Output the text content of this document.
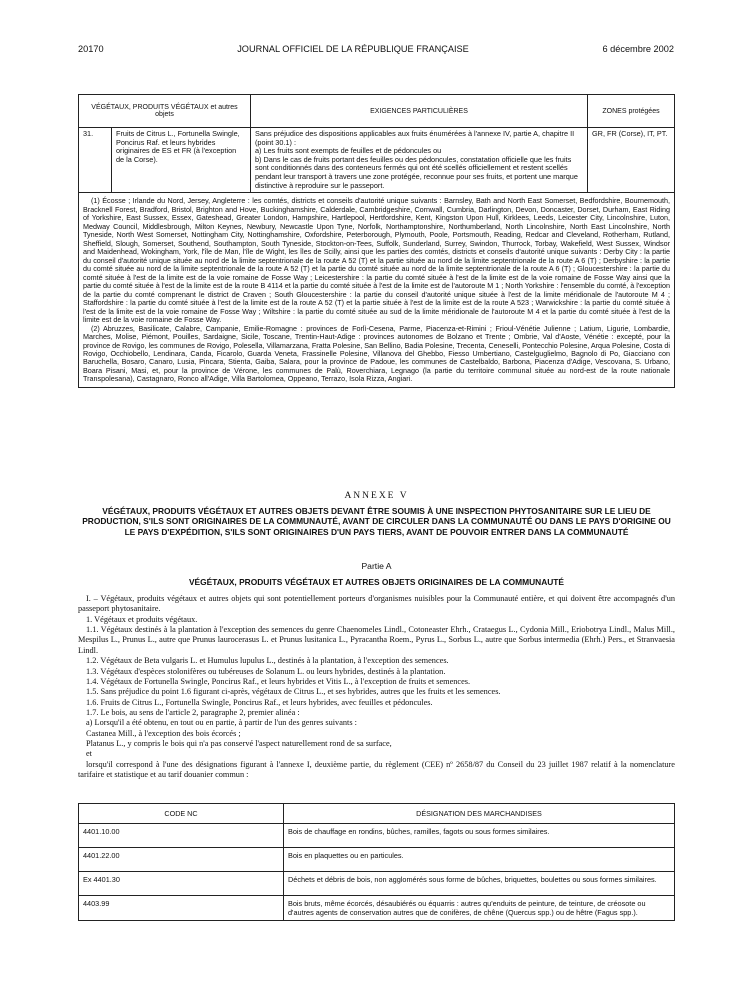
20170	JOURNAL OFFICIEL DE LA RÉPUBLIQUE FRANÇAISE	6 décembre 2002
VÉGÉTAUX, PRODUITS VÉGÉTAUX et autres objets		EXIGENCES PARTICULIÈRES	ZONES protégées
31.	Fruits de Citrus L., Fortunella Swingle, Poncirus Raf. et leurs hybrides originaires de ES et FR (à l'exception de la Corse).	Sans préjudice des dispositions applicables aux fruits énumérées à l'annexe IV, partie A, chapitre II (point 30.1) :
a) Les fruits sont exempts de feuilles et de pédoncules ou
b) Dans le cas de fruits portant des feuilles ou des pédoncules, constatation officielle que les fruits sont conditionnés dans des conteneurs fermés qui ont été scellés officiellement et restent scellés pendant leur transport à travers une zone protégée, reconnue pour ses fruits, et portent une marque distinctive à reproduire sur le passeport.	GR, FR (Corse), IT, PT.

(1) Écosse ; Irlande du Nord, Jersey, Angleterre : les comtés, districts et conseils d'autorité unique suivants : Barnsley, Bath and North East Somerset, Bedfordshire, Bournemouth, Bracknell Forest, Bradford, Bristol, Brighton and Hove, Buckinghamshire, Calderdale, Cambridgeshire, Cornwall, Cumbria, Darlington, Devon, Doncaster, Dorset, Durham, East Riding of Yorkshire, East Sussex, Essex, Gateshead, Greater London, Hampshire, Hartlepool, Hertfordshire, Kent, Kingston Upon Hull, Kirklees, Leeds, Leicester City, Lincolnshire, Luton, Medway Council, Middlesbrough, Milton Keynes, Newbury, Newcastle Upon Tyne, Norfolk, Northamptonshire, Northumberland, North Lincolnshire, North East Lincolnshire, North Tyneside, North West Somerset, Nottingham City, Nottinghamshire, Oxfordshire, Peterborough, Plymouth, Poole, Portsmouth, Reading, Redcar and Cleveland, Rotherham, Rutland, Sheffield, Slough, Somerset, Southend, Southampton, South Tyneside, Stockton-on-Tees, Suffolk, Sunderland, Surrey, Swindon, Thurrock, Torbay, Wakefield, West Sussex, Windsor and Maidenhead, Wokingham, York, l'île de Man, l'île de Wight, les îles de Scilly, ainsi que les parties des comtés, districts et conseils d'autorité unique suivants : Derby City : la partie du conseil d'autorité unique située au nord de la limite septentrionale de la route A 52 (T) et la partie située au nord de la limite septentrionale de la route A 6 (T) ; Derbyshire : la partie du comté située au nord de la limite septentrionale de la route A 52 (T) et la partie du comté située au nord de la limite septentrionale de la route A 6 (T) ; Gloucestershire : la partie du comté située à l'est de la limite est de la voie romaine de Fosse Way ; Leicestershire : la partie du comté située à l'est de la limite est de la voie romaine de Fosse Way ainsi que la partie du comté située à l'est de la limite est de la route B 4114 et la partie du comté située à l'est de la limite est de l'autoroute M 1 ; North Yorkshire : l'ensemble du comté, à l'exception de la partie du comté comprenant le district de Craven ; South Gloucestershire : la partie du conseil d'autorité unique située à l'est de la limite méridionale de l'autoroute M 4 ; Staffordshire : la partie du comté située à l'est de la limite est de la route A 52 (T) et la partie située à l'est de la limite est de la route A 523 ; Warwickshire : la partie du comté située à l'est de la limite est de la voie romaine de Fosse Way ; Wiltshire : la partie du comté située au sud de la limite méridionale de l'autoroute M 4 et la partie du comté située à l'est de la limite est de la voie romaine de Fosse Way.

(2) Abruzzes, Basilicate, Calabre, Campanie, Emilie-Romagne : provinces de Forlì-Cesena, Parme, Piacenza-et-Rimini ; Frioul-Vénétie Julienne ; Latium, Ligurie, Lombardie, Marches, Molise, Piémont, Pouilles, Sardaigne, Sicile, Toscane, Trentin-Haut-Adige : provinces autonomes de Bolzano et Trente ; Ombrie, Val d'Aoste, Vénétie : excepté, pour la province de Rovigo, les communes de Rovigo, Polesella, Villamarzana, Fratta Polesine, San Bellino, Badia Polesine, Trecenta, Ceneselli, Pontecchio Polesine, Arqua Polesine, Costa di Rovigo, Occhiobello, Lendinara, Canda, Ficarolo, Guarda Veneta, Frassinelle Polesine, Villanova del Ghebbo, Fiesso Umbertiano, Castelguglielmo, Bagnolo di Po, Giacciano con Baruchella, Bosaro, Canaro, Lusia, Pincara, Stienta, Gaiba, Salara, pour la province de Padoue, les communes de Castelbaldo, Barbona, Piacenza d'Adige, Vescovana, S. Urbano, Boara Pisani, Masi, et, pour la province de Vérone, les communes de Palù, Roverchiara, Legnago (la partie du territoire communal située au nord-est de la route nationale Transpolesana), Castagnaro, Ronco all'Adige, Villa Bartolomea, Oppeano, Terrazo, Isola Rizza, Angiari.			

ANNEXE V
VÉGÉTAUX, PRODUITS VÉGÉTAUX ET AUTRES OBJETS DEVANT ÊTRE SOUMIS À UNE INSPECTION PHYTOSANITAIRE SUR LE LIEU DE PRODUCTION, S'ILS SONT ORIGINAIRES DE LA COMMUNAUTÉ, AVANT DE CIRCULER DANS LA COMMUNAUTÉ OU DANS LE PAYS D'ORIGINE OU LE PAYS D'EXPÉDITION, S'ILS SONT ORIGINAIRES D'UN PAYS TIERS, AVANT DE POUVOIR ENTRER DANS LA COMMUNAUTÉ
Partie A
VÉGÉTAUX, PRODUITS VÉGÉTAUX ET AUTRES OBJETS ORIGINAIRES DE LA COMMUNAUTÉ

I. – Végétaux, produits végétaux et autres objets qui sont potentiellement porteurs d'organismes nuisibles pour la Communauté entière, et qui doivent être accompagnés d'un passeport phytosanitaire.

1. Végétaux et produits végétaux.

1.1. Végétaux destinés à la plantation à l'exception des semences du genre Chaenomeles Lindl., Cotoneaster Ehrh., Crataegus L., Cydonia Mill., Eriobotrya Lindl., Malus Mill., Mespilus L., Prunus L., autre que Prunus laurocerasus L. et Prunus lusitanica L., Pyracantha Roem., Pyrus L., Sorbus L., autre que Sorbus intermedia (Ehrh.) Pers., et Stranvaesia Lindl.

1.2. Végétaux de Beta vulgaris L. et Humulus lupulus L., destinés à la plantation, à l'exception des semences.

1.3. Végétaux d'espèces stolonifères ou tubéreuses de Solanum L. ou leurs hybrides, destinés à la plantation.

1.4. Végétaux de Fortunella Swingle, Poncirus Raf., et leurs hybrides et Vitis L., à l'exception de fruits et semences.

1.5. Sans préjudice du point 1.6 figurant ci-après, végétaux de Citrus L., et ses hybrides, autres que les fruits et les semences.

1.6. Fruits de Citrus L., Fortunella Swingle, Poncirus Raf., et leurs hybrides, avec feuilles et pédoncules.

1.7. Le bois, au sens de l'article 2, paragraphe 2, premier alinéa :

a) Lorsqu'il a été obtenu, en tout ou en partie, à partir de l'un des genres suivants :

Castanea Mill., à l'exception des bois écorcés ;

Platanus L., y compris le bois qui n'a pas conservé l'aspect naturellement rond de sa surface,

et

lorsqu'il correspond à l'une des désignations figurant à l'annexe I, deuxième partie, du règlement (CEE) nº 2658/87 du Conseil du 23 juillet 1987 relatif à la nomenclature tarifaire et statistique et au tarif douanier commun :

CODE NC	DÉSIGNATION DES MARCHANDISES
4401.10.00	Bois de chauffage en rondins, bûches, ramilles, fagots ou sous formes similaires.
4401.22.00	Bois en plaquettes ou en particules.
Ex 4401.30	Déchets et débris de bois, non agglomérés sous forme de bûches, briquettes, boulettes ou sous formes similaires.
4403.99	Bois bruts, même écorcés, désaubiérés ou équarris : autres qu'enduits de peinture, de teinture, de créosote ou d'autres agents de conservation autres que de conifères, de chêne (Quercus spp.) ou de hêtre (Fagus spp.).
